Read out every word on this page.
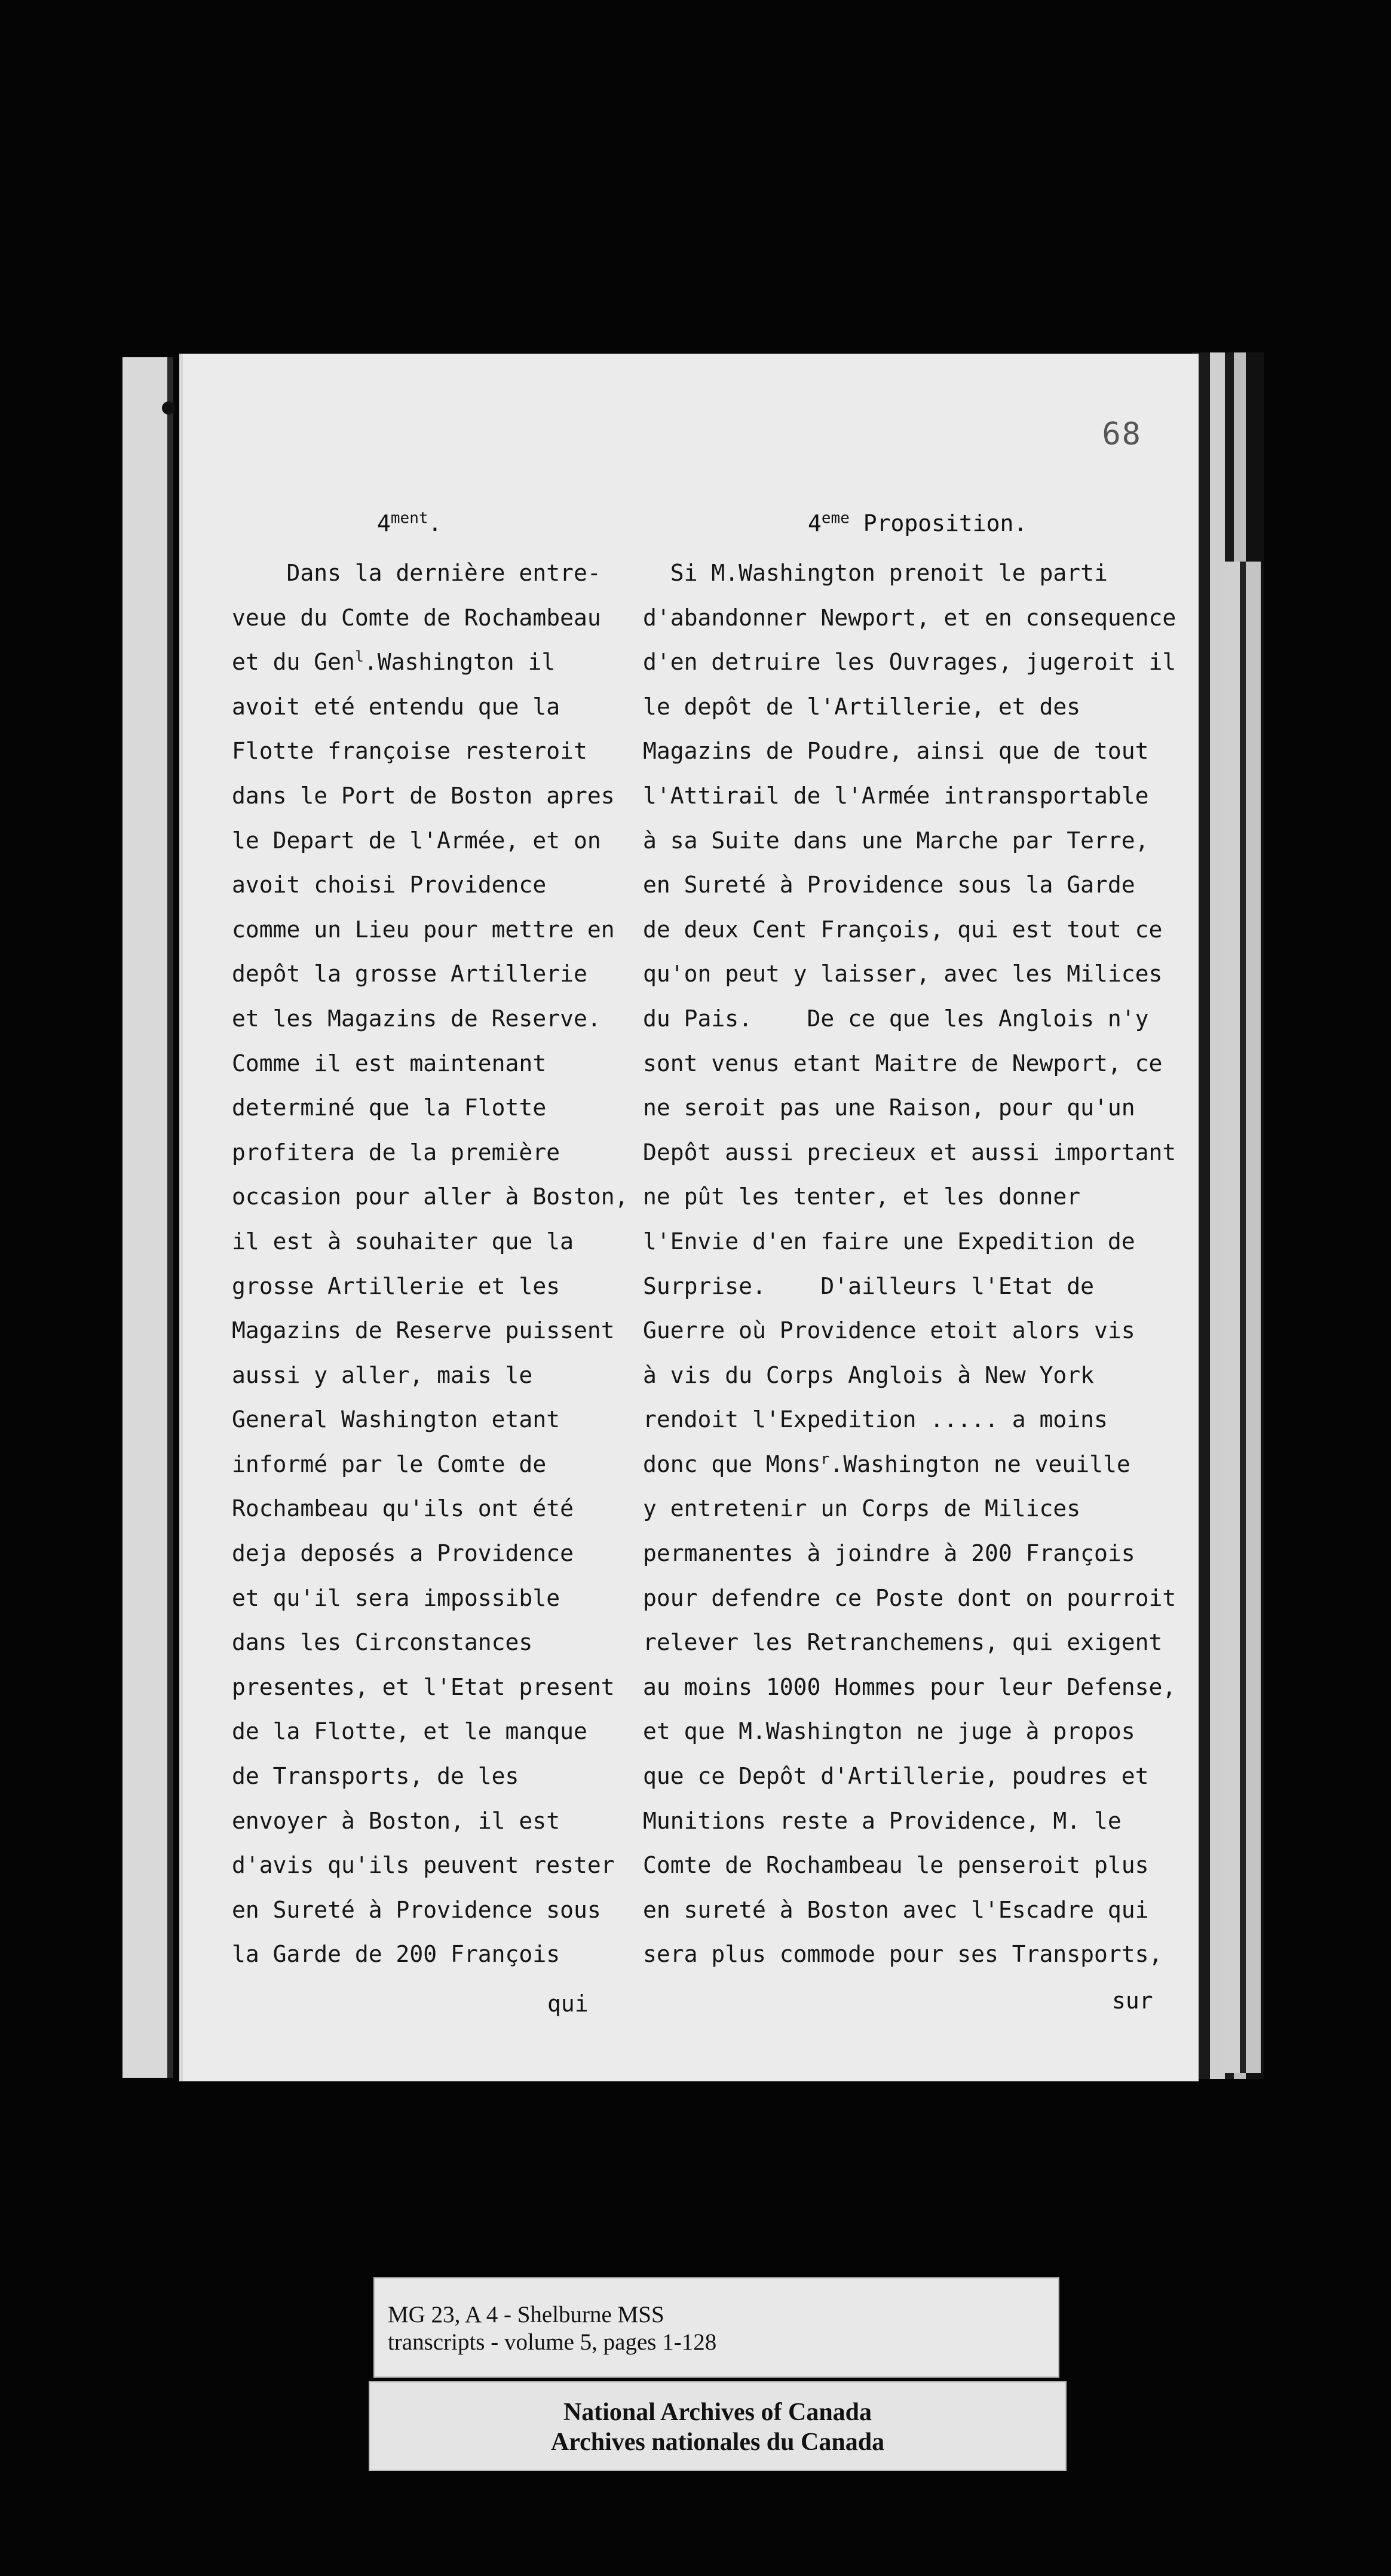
68
$4^{ment}$.	4eme Proposition.
Dans la dernière entre-
veue du Comte de Rochambeau
et du Gen$^l$.Washington il
avoit eté entendu que la
Flotte françoise resteroit
dans le Port de Boston apres
le Depart de l'Armée, et on
avoit choisi Providence
comme un Lieu pour mettre en
depôt la grosse Artillerie
et les Magazins de Reserve.
Comme il est maintenant
determiné que la Flotte
profitera de la première
occasion pour aller à Boston,
il est à souhaiter que la
grosse Artillerie et les
Magazins de Reserve puissent
aussi y aller, mais le
General Washington etant
informé par le Comte de
Rochambeau qu'ils ont été
deja deposés a Providence
et qu'il sera impossible
dans les Circonstances
presentes, et l'Etat present
de la Flotte, et le manque
de Transports, de les
envoyer à Boston, il est
d'avis qu'ils peuvent rester
en Sureté à Providence sous
la Garde de 200 François
Si M.Washington prenoit le parti
d'abandonner Newport, et en consequence
d'en detruire les Ouvrages, jugeroit il
le depôt de l'Artillerie, et des
Magazins de Poudre, ainsi que de tout
l'Attirail de l'Armée intransportable
à sa Suite dans une Marche par Terre,
en Sureté à Providence sous la Garde
de deux Cent François, qui est tout ce
qu'on peut y laisser, avec les Milices
du Pais.    De ce que les Anglois n'y
sont venus etant Maitre de Newport, ce
ne seroit pas une Raison, pour qu'un
Depôt aussi precieux et aussi important
ne pût les tenter, et les donner
l'Envie d'en faire une Expedition de
Surprise.    D'ailleurs l'Etat de
Guerre où Providence etoit alors vis
à vis du Corps Anglois à New York
rendoit l'Expedition ..... a moins
donc que Mons$^r$.Washington ne veuille
y entretenir un Corps de Milices
permanentes à joindre à 200 François
pour defendre ce Poste dont on pourroit
relever les Retranchemens, qui exigent
au moins 1000 Hommes pour leur Defense,
et que M.Washington ne juge à propos
que ce Depôt d'Artillerie, poudres et
Munitions reste a Providence, M. le
Comte de Rochambeau le penseroit plus
en sureté à Boston avec l'Escadre qui
sera plus commode pour ses Transports,
qui	sur
MG 23, A 4 - Shelburne MSS
transcripts - volume 5, pages 1-128
National Archives of Canada
Archives nationales du Canada
